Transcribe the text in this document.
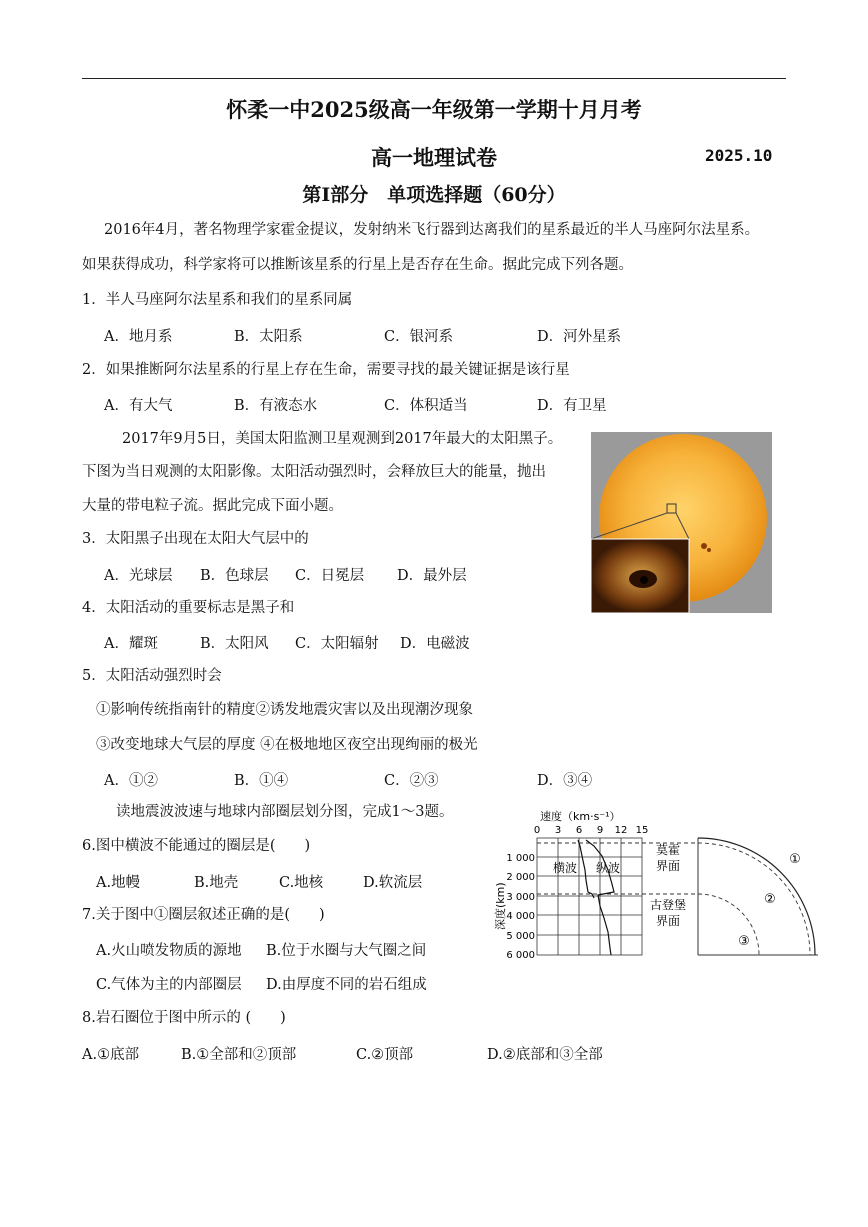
怀柔一中2025级高一年级第一学期十月月考
高一地理试卷	2025.10
第Ⅰ部分　单项选择题（60分）
2016年4月，著名物理学家霍金提议，发射纳米飞行器到达离我们的星系最近的半人马座阿尔法星系。
如果获得成功，科学家将可以推断该星系的行星上是否存在生命。据此完成下列各题。
1．半人马座阿尔法星系和我们的星系同属
A．地月系	B．太阳系	C．银河系	D．河外星系
2．如果推断阿尔法星系的行星上存在生命，需要寻找的最关键证据是该行星
A．有大气	B．有液态水	C．体积适当	D．有卫星
2017年9月5日，美国太阳监测卫星观测到2017年最大的太阳黑子。
下图为当日观测的太阳影像。太阳活动强烈时，会释放巨大的能量，抛出
大量的带电粒子流。据此完成下面小题。
3．太阳黑子出现在太阳大气层中的
A．光球层 B．色球层 C．日冕层 D．最外层
4．太阳活动的重要标志是黑子和
A．耀斑	B．太阳风 C．太阳辐射 D．电磁波
5．太阳活动强烈时会
①影响传统指南针的精度②诱发地震灾害以及出现潮汐现象
③改变地球大气层的厚度 ④在极地地区夜空出现绚丽的极光
A．①②	B．①④	C．②③	D．③④
读地震波波速与地球内部圈层划分图，完成1～3题。
6.图中横波不能通过的圈层是(　　)
A.地幔	B.地壳	C.地核	D.软流层
7.关于图中①圈层叙述正确的是(　　)
A.火山喷发物质的源地 B.位于水圈与大气圈之间
C.气体为主的内部圈层 D.由厚度不同的岩石组成
8.岩石圈位于图中所示的 (　　)
A.①底部	B.①全部和②顶部	C.②顶部	D.②底部和③全部
速度（km·s⁻¹）
0 3 6 9 12 15
深度(km)
1 000
2 000
3 000
4 000
5 000
6 000
横波 纵波
莫霍
界面
古登堡
界面
①
②
③
